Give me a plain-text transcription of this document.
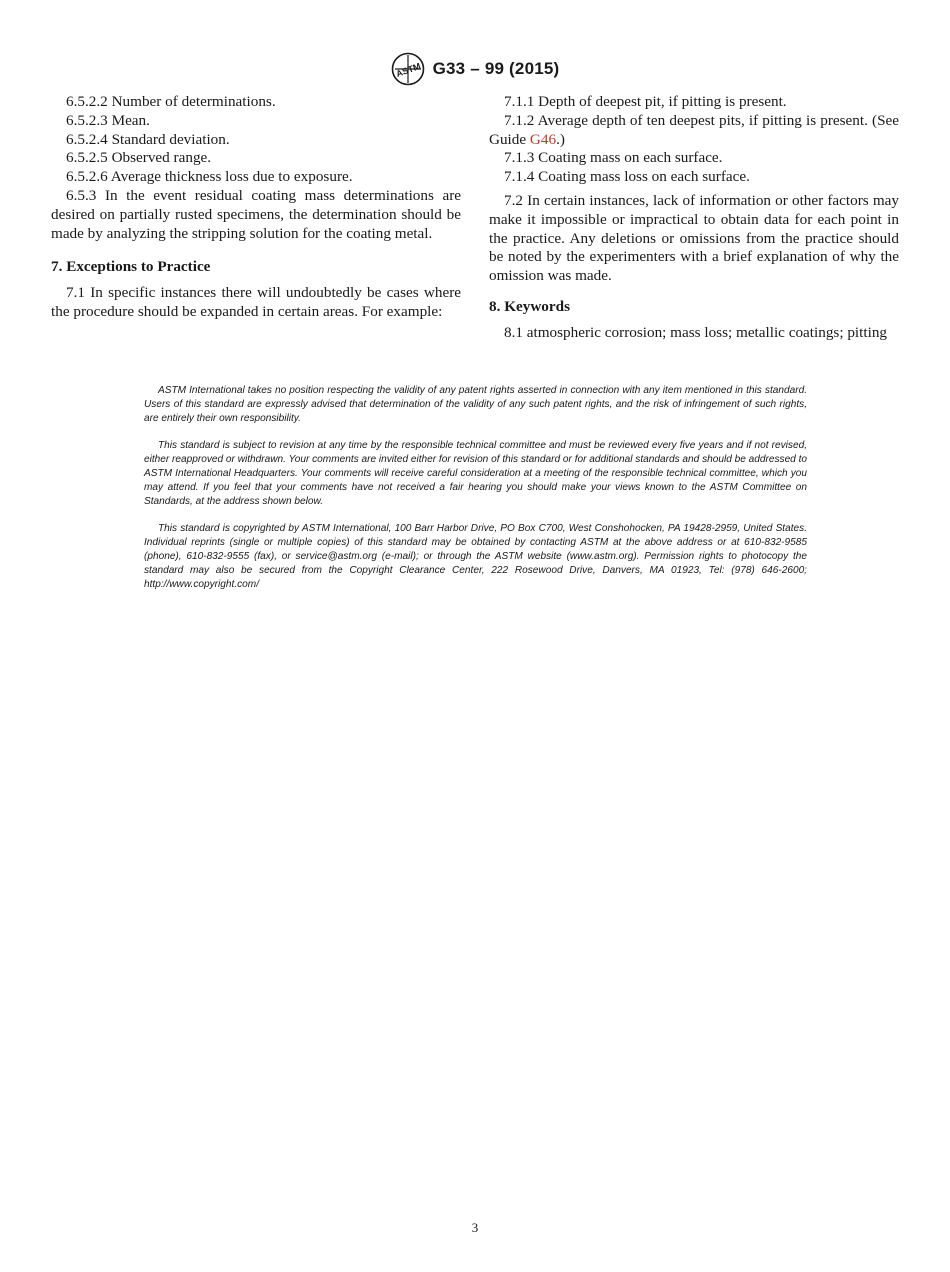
ASTM G33 – 99 (2015)

6.5.2.2 Number of determinations.

6.5.2.3 Mean.

6.5.2.4 Standard deviation.

6.5.2.5 Observed range.

6.5.2.6 Average thickness loss due to exposure.

6.5.3 In the event residual coating mass determinations are desired on partially rusted specimens, the determination should be made by analyzing the stripping solution for the coating metal.

7. Exceptions to Practice

7.1 In specific instances there will undoubtedly be cases where the procedure should be expanded in certain areas. For example:

7.1.1 Depth of deepest pit, if pitting is present.

7.1.2 Average depth of ten deepest pits, if pitting is present. (See Guide G46.)

7.1.3 Coating mass on each surface.

7.1.4 Coating mass loss on each surface.

7.2 In certain instances, lack of information or other factors may make it impossible or impractical to obtain data for each point in the practice. Any deletions or omissions from the practice should be noted by the experimenters with a brief explanation of why the omission was made.

8. Keywords

8.1 atmospheric corrosion; mass loss; metallic coatings; pitting

ASTM International takes no position respecting the validity of any patent rights asserted in connection with any item mentioned in this standard. Users of this standard are expressly advised that determination of the validity of any such patent rights, and the risk of infringement of such rights, are entirely their own responsibility.

This standard is subject to revision at any time by the responsible technical committee and must be reviewed every five years and if not revised, either reapproved or withdrawn. Your comments are invited either for revision of this standard or for additional standards and should be addressed to ASTM International Headquarters. Your comments will receive careful consideration at a meeting of the responsible technical committee, which you may attend. If you feel that your comments have not received a fair hearing you should make your views known to the ASTM Committee on Standards, at the address shown below.

This standard is copyrighted by ASTM International, 100 Barr Harbor Drive, PO Box C700, West Conshohocken, PA 19428-2959, United States. Individual reprints (single or multiple copies) of this standard may be obtained by contacting ASTM at the above address or at 610-832-9585 (phone), 610-832-9555 (fax), or service@astm.org (e-mail); or through the ASTM website (www.astm.org). Permission rights to photocopy the standard may also be secured from the Copyright Clearance Center, 222 Rosewood Drive, Danvers, MA 01923, Tel: (978) 646-2600; http://www.copyright.com/

3
